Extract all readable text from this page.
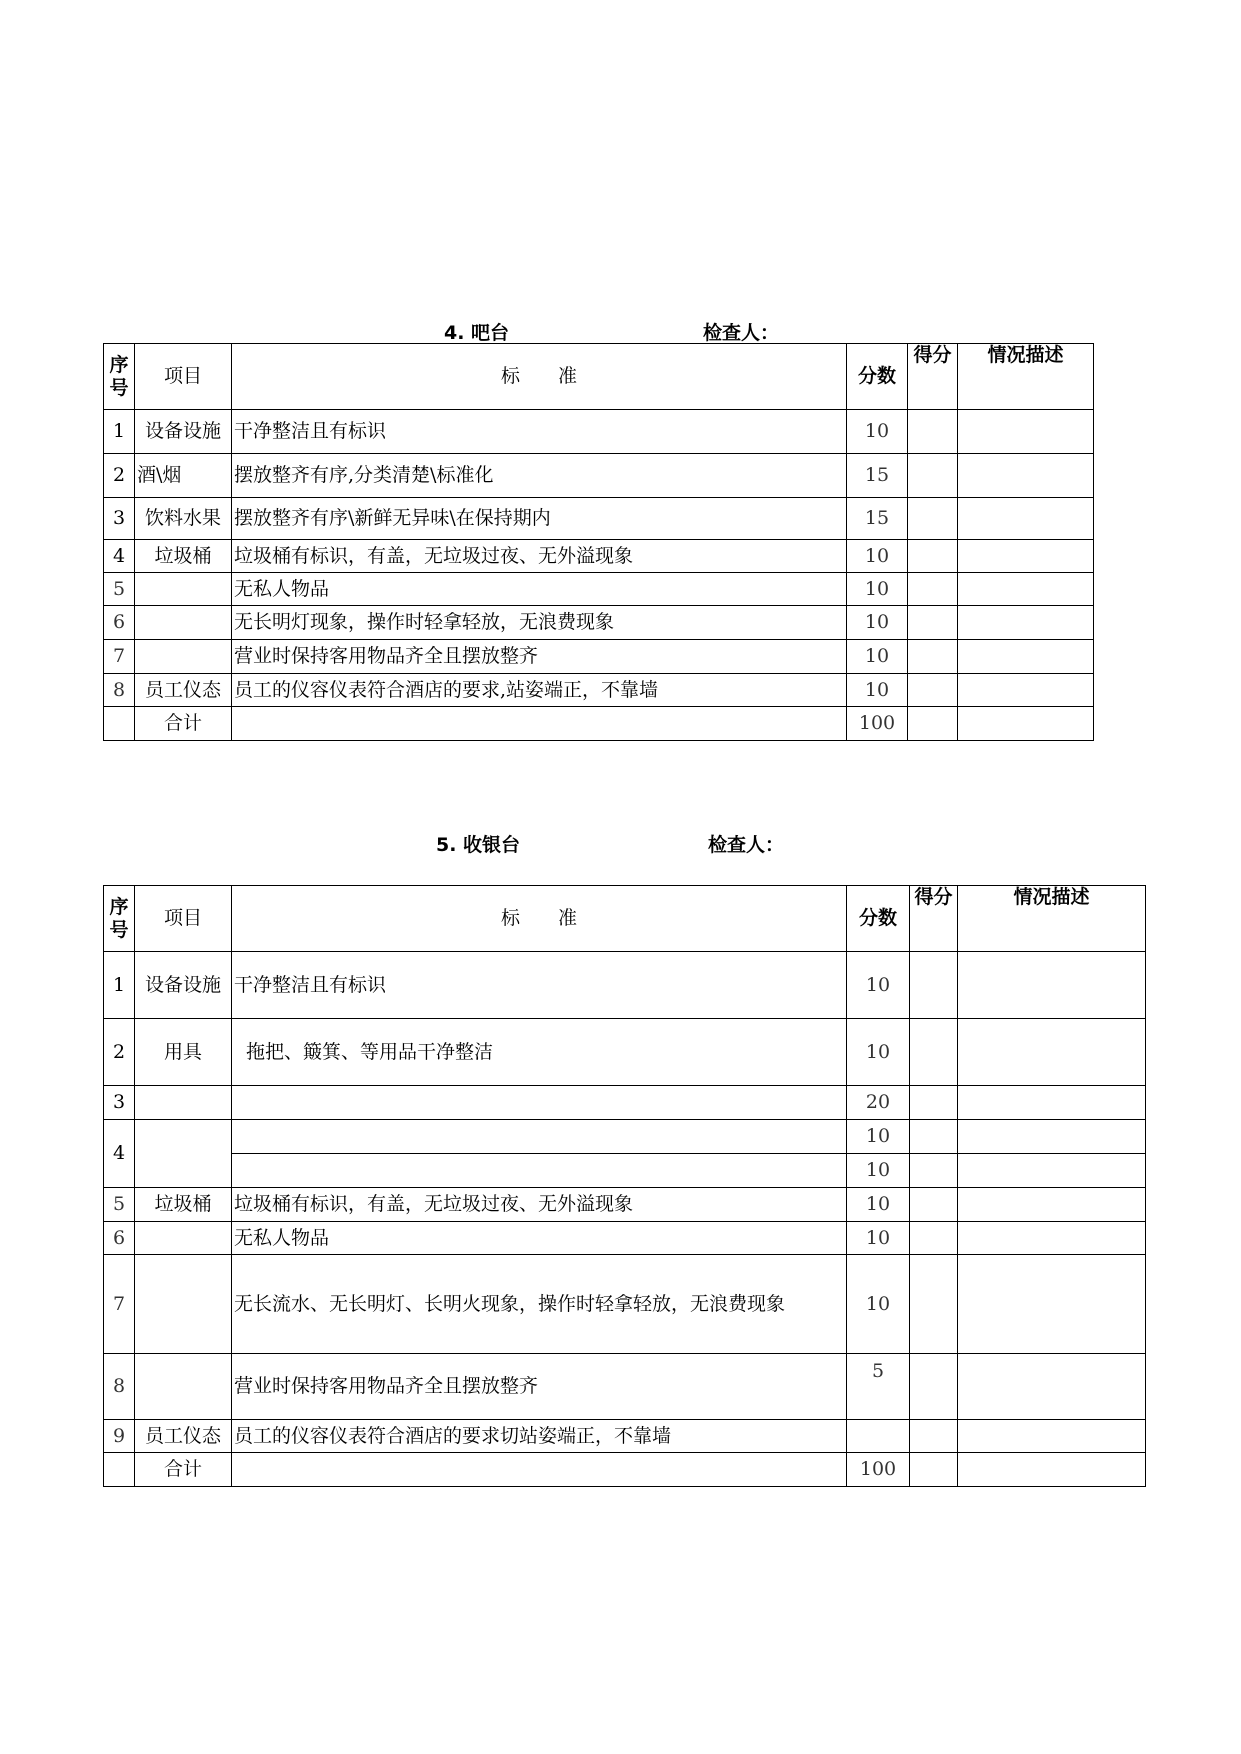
4. 吧台	检查人：
序号	项目	标　　准	分数	得分	情况描述
1	设备设施	干净整洁且有标识	10		
2	酒\烟	摆放整齐有序,分类清楚\标准化	15		
3	饮料水果	摆放整齐有序\新鲜无异味\在保持期内	15		
4	垃圾桶	垃圾桶有标识，有盖，无垃圾过夜、无外溢现象	10		
5		无私人物品	10		
6		无长明灯现象，操作时轻拿轻放，无浪费现象	10		
7		营业时保持客用物品齐全且摆放整齐	10		
8	员工仪态	员工的仪容仪表符合酒店的要求,站姿端正，不靠墙	10		
	合计		100		
5. 收银台	检查人：
序号	项目	标　　准	分数	得分	情况描述
1	设备设施	干净整洁且有标识	10		
2	用具	拖把、簸箕、等用品干净整洁	10		
3			20		
4			10		
			10		
5	垃圾桶	垃圾桶有标识，有盖，无垃圾过夜、无外溢现象	10		
6		无私人物品	10		
7		无长流水、无长明灯、长明火现象，操作时轻拿轻放，无浪费现象	10		
8		营业时保持客用物品齐全且摆放整齐	5		
9	员工仪态	员工的仪容仪表符合酒店的要求切站姿端正，不靠墙			
	合计		100		
